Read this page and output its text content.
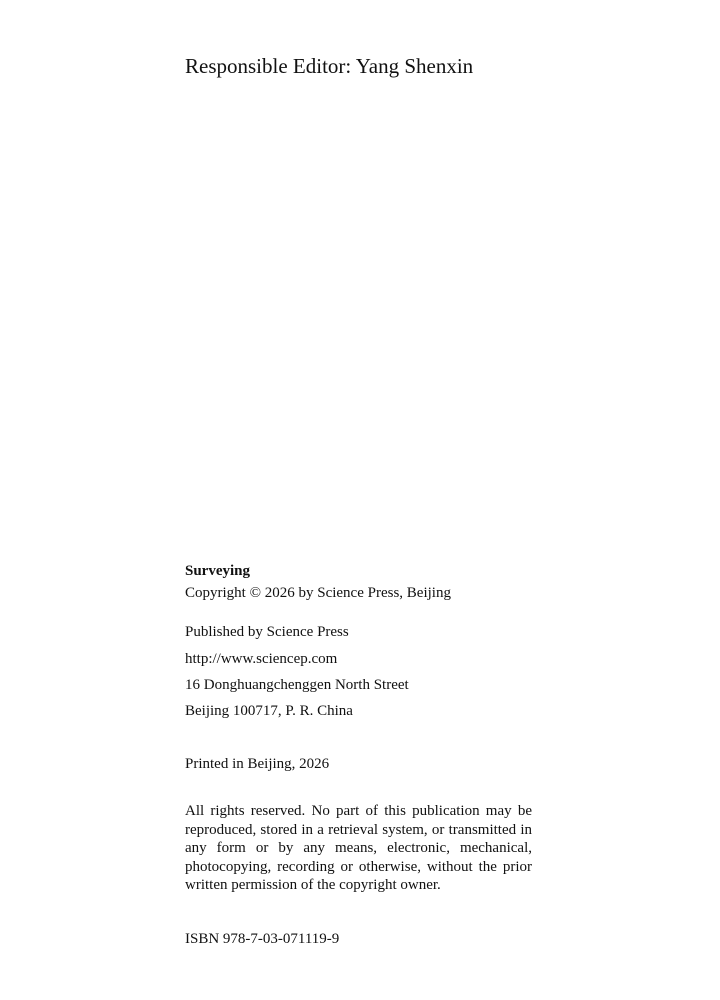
Responsible Editor: Yang Shenxin
Surveying
Copyright © 2026 by Science Press, Beijing
Published by Science Press
http://www.sciencep.com
16 Donghuangchenggen North Street
Beijing 100717, P. R. China
Printed in Beijing, 2026
All rights reserved. No part of this publication may be reproduced, stored in a retrieval system, or transmitted in any form or by any means, electronic, mechanical, photocopying, recording or otherwise, without the prior written permission of the copyright owner.
ISBN 978-7-03-071119-9
